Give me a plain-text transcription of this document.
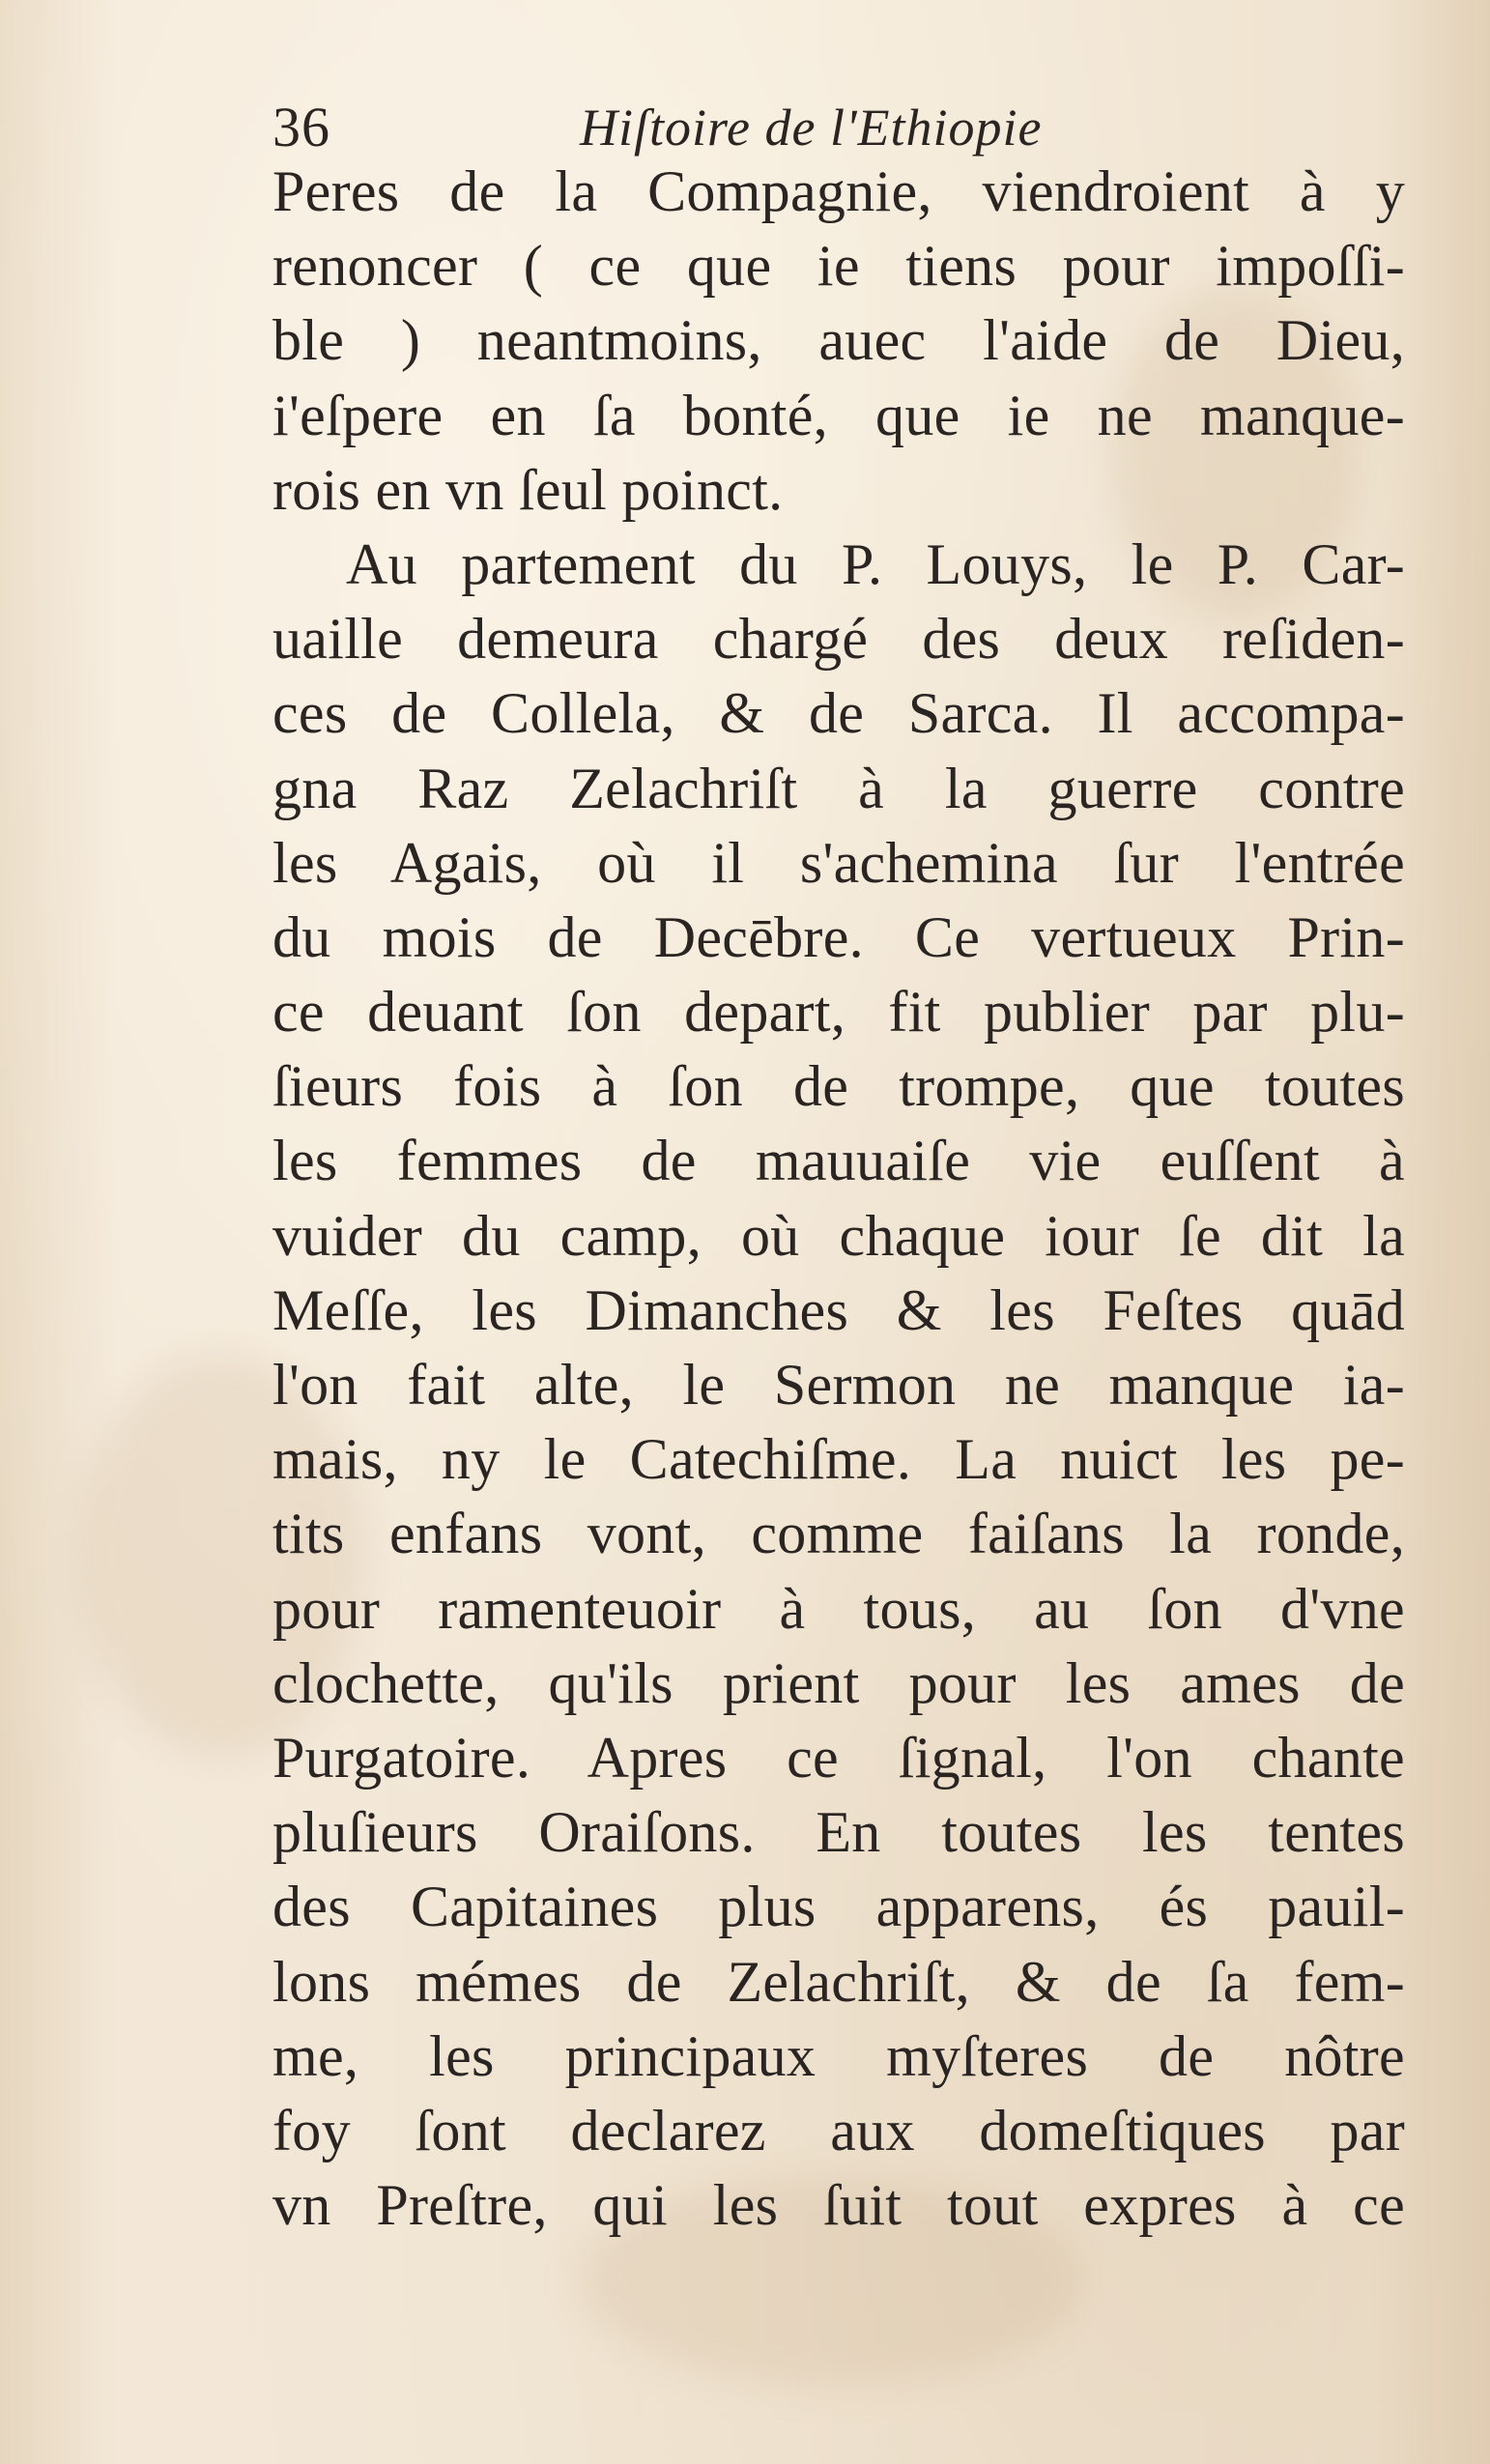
36	Hiſtoire de l'Ethiopie
Peres de la Compagnie, viendroient à y
renoncer ( ce que ie tiens pour impoſſi-
ble ) neantmoins, auec l'aide de Dieu,
i'eſpere en ſa bonté, que ie ne manque-
rois en vn ſeul poinct.
Au partement du P. Louys, le P. Car-
uaille demeura chargé des deux reſiden-
ces de Collela, & de Sarca. Il accompa-
gna Raz Zelachriſt à la guerre contre
les Agais, où il s'achemina ſur l'entrée
du mois de Decēbre. Ce vertueux Prin-
ce deuant ſon depart, fit publier par plu-
ſieurs fois à ſon de trompe, que toutes
les femmes de mauuaiſe vie euſſent à
vuider du camp, où chaque iour ſe dit la
Meſſe, les Dimanches & les Feſtes quād
l'on fait alte, le Sermon ne manque ia-
mais, ny le Catechiſme. La nuict les pe-
tits enfans vont, comme faiſans la ronde,
pour ramenteuoir à tous, au ſon d'vne
clochette, qu'ils prient pour les ames de
Purgatoire. Apres ce ſignal, l'on chante
pluſieurs Oraiſons. En toutes les tentes
des Capitaines plus apparens, és pauil-
lons mémes de Zelachriſt, & de ſa fem-
me, les principaux myſteres de nôtre
foy ſont declarez aux domeſtiques par
vn Preſtre, qui les ſuit tout expres à ce
